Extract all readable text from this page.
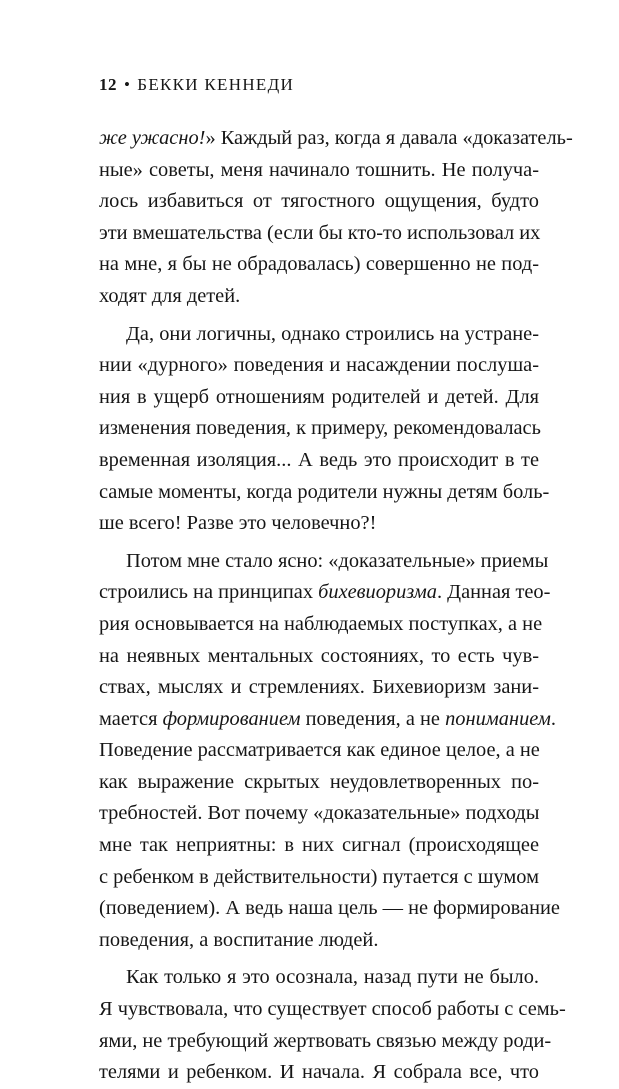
12 • БЕККИ КЕННЕДИ
же ужасно!» Каждый раз, когда я давала «доказатель-
ные» советы, меня начинало тошнить. Не получа-
лось избавиться от тягостного ощущения, будто
эти вмешательства (если бы кто-то использовал их
на мне, я бы не обрадовалась) совершенно не под-
ходят для детей.
Да, они логичны, однако строились на устране-
нии «дурного» поведения и насаждении послуша-
ния в ущерб отношениям родителей и детей. Для
изменения поведения, к примеру, рекомендовалась
временная изоляция... А ведь это происходит в те
самые моменты, когда родители нужны детям боль-
ше всего! Разве это человечно?!
Потом мне стало ясно: «доказательные» приемы
строились на принципах бихевиоризма. Данная тео-
рия основывается на наблюдаемых поступках, а не
на неявных ментальных состояниях, то есть чув-
ствах, мыслях и стремлениях. Бихевиоризм зани-
мается формированием поведения, а не пониманием.
Поведение рассматривается как единое целое, а не
как выражение скрытых неудовлетворенных по-
требностей. Вот почему «доказательные» подходы
мне так неприятны: в них сигнал (происходящее
с ребенком в действительности) путается с шумом
(поведением). А ведь наша цель — не формирование
поведения, а воспитание людей.
Как только я это осознала, назад пути не было.
Я чувствовала, что существует способ работы с семь-
ями, не требующий жертвовать связью между роди-
телями и ребенком. И начала. Я собрала все, что
